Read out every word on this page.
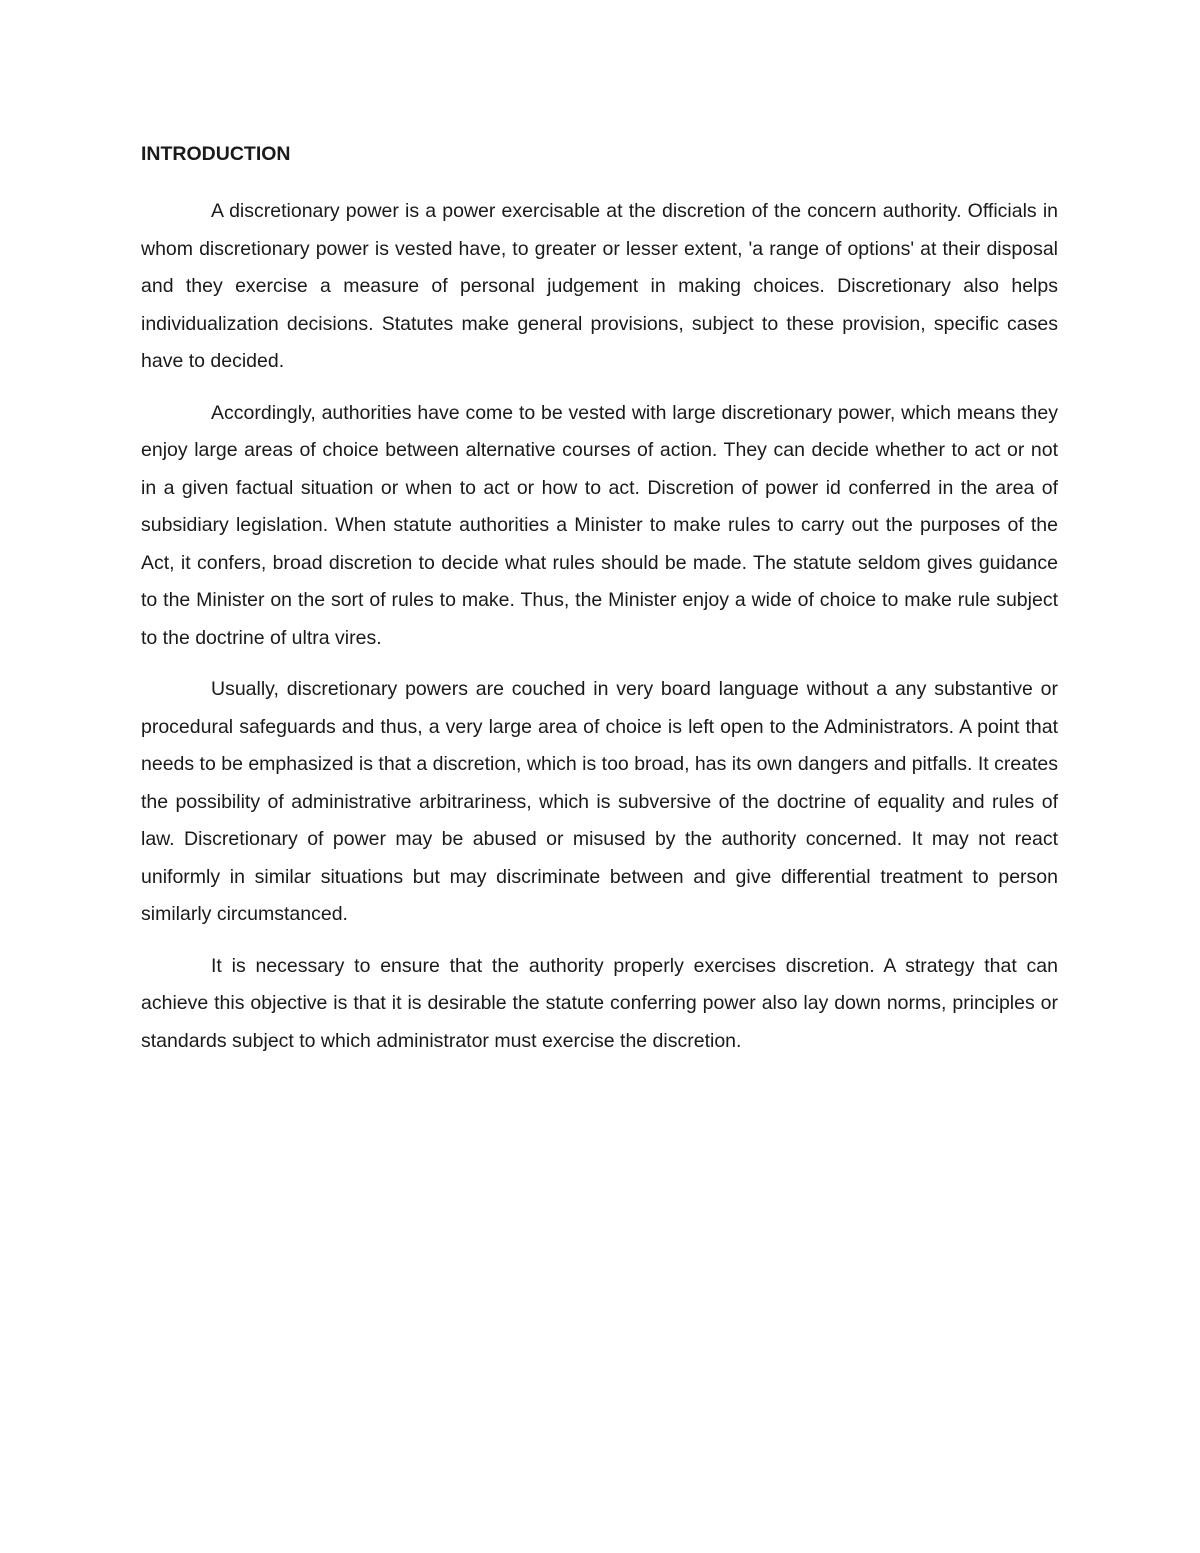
INTRODUCTION

A discretionary power is a power exercisable at the discretion of the concern authority. Officials in whom discretionary power is vested have, to greater or lesser extent, 'a range of options' at their disposal and they exercise a measure of personal judgement in making choices. Discretionary also helps individualization decisions. Statutes make general provisions, subject to these provision, specific cases have to decided.

Accordingly, authorities have come to be vested with large discretionary power, which means they enjoy large areas of choice between alternative courses of action. They can decide whether to act or not in a given factual situation or when to act or how to act. Discretion of power id conferred in the area of subsidiary legislation. When statute authorities a Minister to make rules to carry out the purposes of the Act, it confers, broad discretion to decide what rules should be made. The statute seldom gives guidance to the Minister on the sort of rules to make. Thus, the Minister enjoy a wide of choice to make rule subject to the doctrine of ultra vires.

Usually, discretionary powers are couched in very board language without a any substantive or procedural safeguards and thus, a very large area of choice is left open to the Administrators. A point that needs to be emphasized is that a discretion, which is too broad, has its own dangers and pitfalls. It creates the possibility of administrative arbitrariness, which is subversive of the doctrine of equality and rules of law. Discretionary of power may be abused or misused by the authority concerned. It may not react uniformly in similar situations but may discriminate between and give differential treatment to person similarly circumstanced.

It is necessary to ensure that the authority properly exercises discretion. A strategy that can achieve this objective is that it is desirable the statute conferring power also lay down norms, principles or standards subject to which administrator must exercise the discretion.
